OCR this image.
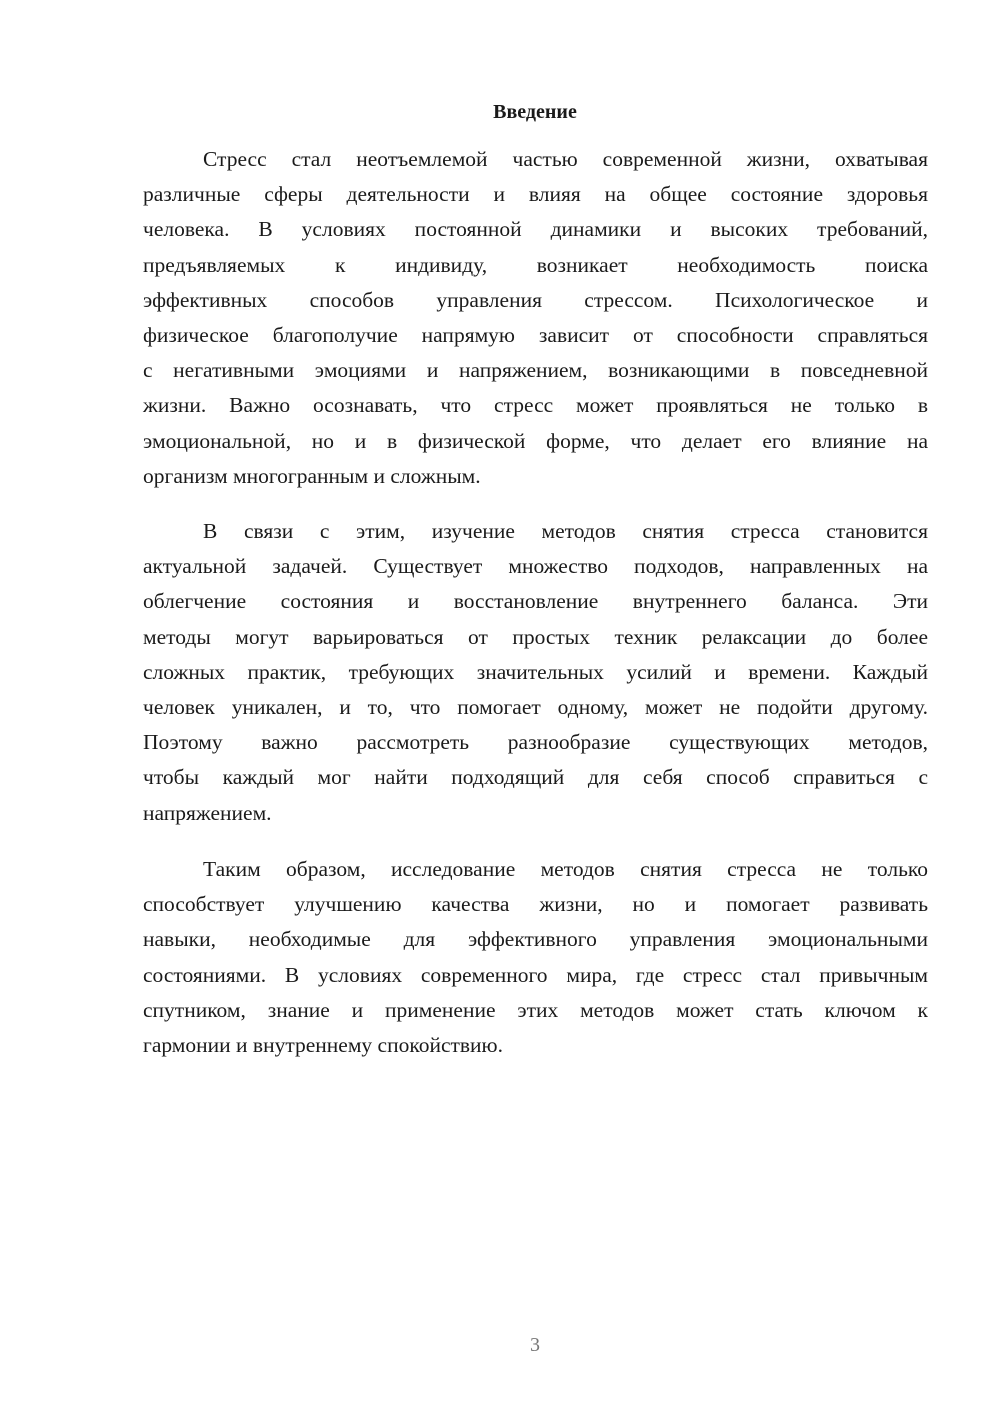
Введение
Стресс стал неотъемлемой частью современной жизни, охватывая
различные сферы деятельности и влияя на общее состояние здоровья
человека. В условиях постоянной динамики и высоких требований,
предъявляемых к индивиду, возникает необходимость поиска
эффективных способов управления стрессом. Психологическое и
физическое благополучие напрямую зависит от способности справляться
с негативными эмоциями и напряжением, возникающими в повседневной
жизни. Важно осознавать, что стресс может проявляться не только в
эмоциональной, но и в физической форме, что делает его влияние на
организм многогранным и сложным.
В связи с этим, изучение методов снятия стресса становится
актуальной задачей. Существует множество подходов, направленных на
облегчение состояния и восстановление внутреннего баланса. Эти
методы могут варьироваться от простых техник релаксации до более
сложных практик, требующих значительных усилий и времени. Каждый
человек уникален, и то, что помогает одному, может не подойти другому.
Поэтому важно рассмотреть разнообразие существующих методов,
чтобы каждый мог найти подходящий для себя способ справиться с
напряжением.
Таким образом, исследование методов снятия стресса не только
способствует улучшению качества жизни, но и помогает развивать
навыки, необходимые для эффективного управления эмоциональными
состояниями. В условиях современного мира, где стресс стал привычным
спутником, знание и применение этих методов может стать ключом к
гармонии и внутреннему спокойствию.
3
